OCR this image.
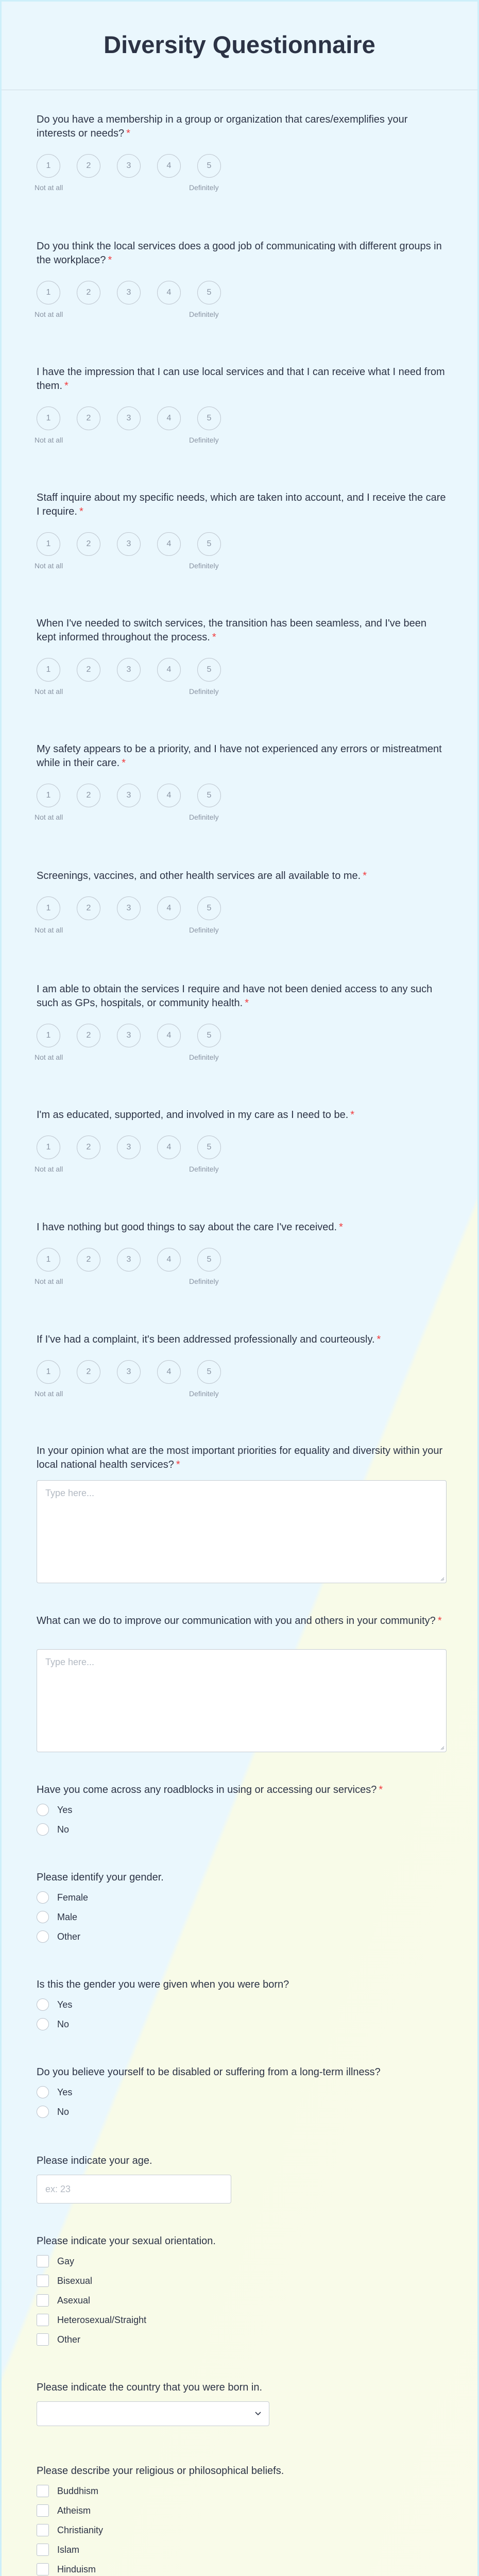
Diversity Questionnaire
Do you have a membership in a group or organization that cares/exemplifies your interests or needs? *
1	2	3	4	5
Not at all	Definitely
Do you think the local services does a good job of communicating with different groups in the workplace? *
1	2	3	4	5
Not at all	Definitely
I have the impression that I can use local services and that I can receive what I need from them. *
1	2	3	4	5
Not at all	Definitely
Staff inquire about my specific needs, which are taken into account, and I receive the care I require. *
1	2	3	4	5
Not at all	Definitely
When I've needed to switch services, the transition has been seamless, and I've been kept informed throughout the process. *
1	2	3	4	5
Not at all	Definitely
My safety appears to be a priority, and I have not experienced any errors or mistreatment while in their care. *
1	2	3	4	5
Not at all	Definitely
Screenings, vaccines, and other health services are all available to me. *
1	2	3	4	5
Not at all	Definitely
I am able to obtain the services I require and have not been denied access to any such such as GPs, hospitals, or community health. *
1	2	3	4	5
Not at all	Definitely
I'm as educated, supported, and involved in my care as I need to be. *
1	2	3	4	5
Not at all	Definitely
I have nothing but good things to say about the care I've received. *
1	2	3	4	5
Not at all	Definitely
If I've had a complaint, it's been addressed professionally and courteously. *
1	2	3	4	5
Not at all	Definitely
In your opinion what are the most important priorities for equality and diversity within your local national health services? *
Type here...
What can we do to improve our communication with you and others in your community? *
Type here...
Have you come across any roadblocks in using or accessing our services? *
Yes
No
Please identify your gender.
Female
Male
Other
Is this the gender you were given when you were born?
Yes
No
Do you believe yourself to be disabled or suffering from a long-term illness?
Yes
No
Please indicate your age.
ex: 23
Please indicate your sexual orientation.
Gay
Bisexual
Asexual
Heterosexual/Straight
Other
Please indicate the country that you were born in.
Please describe your religious or philosophical beliefs.
Buddhism
Atheism
Christianity
Islam
Hinduism
